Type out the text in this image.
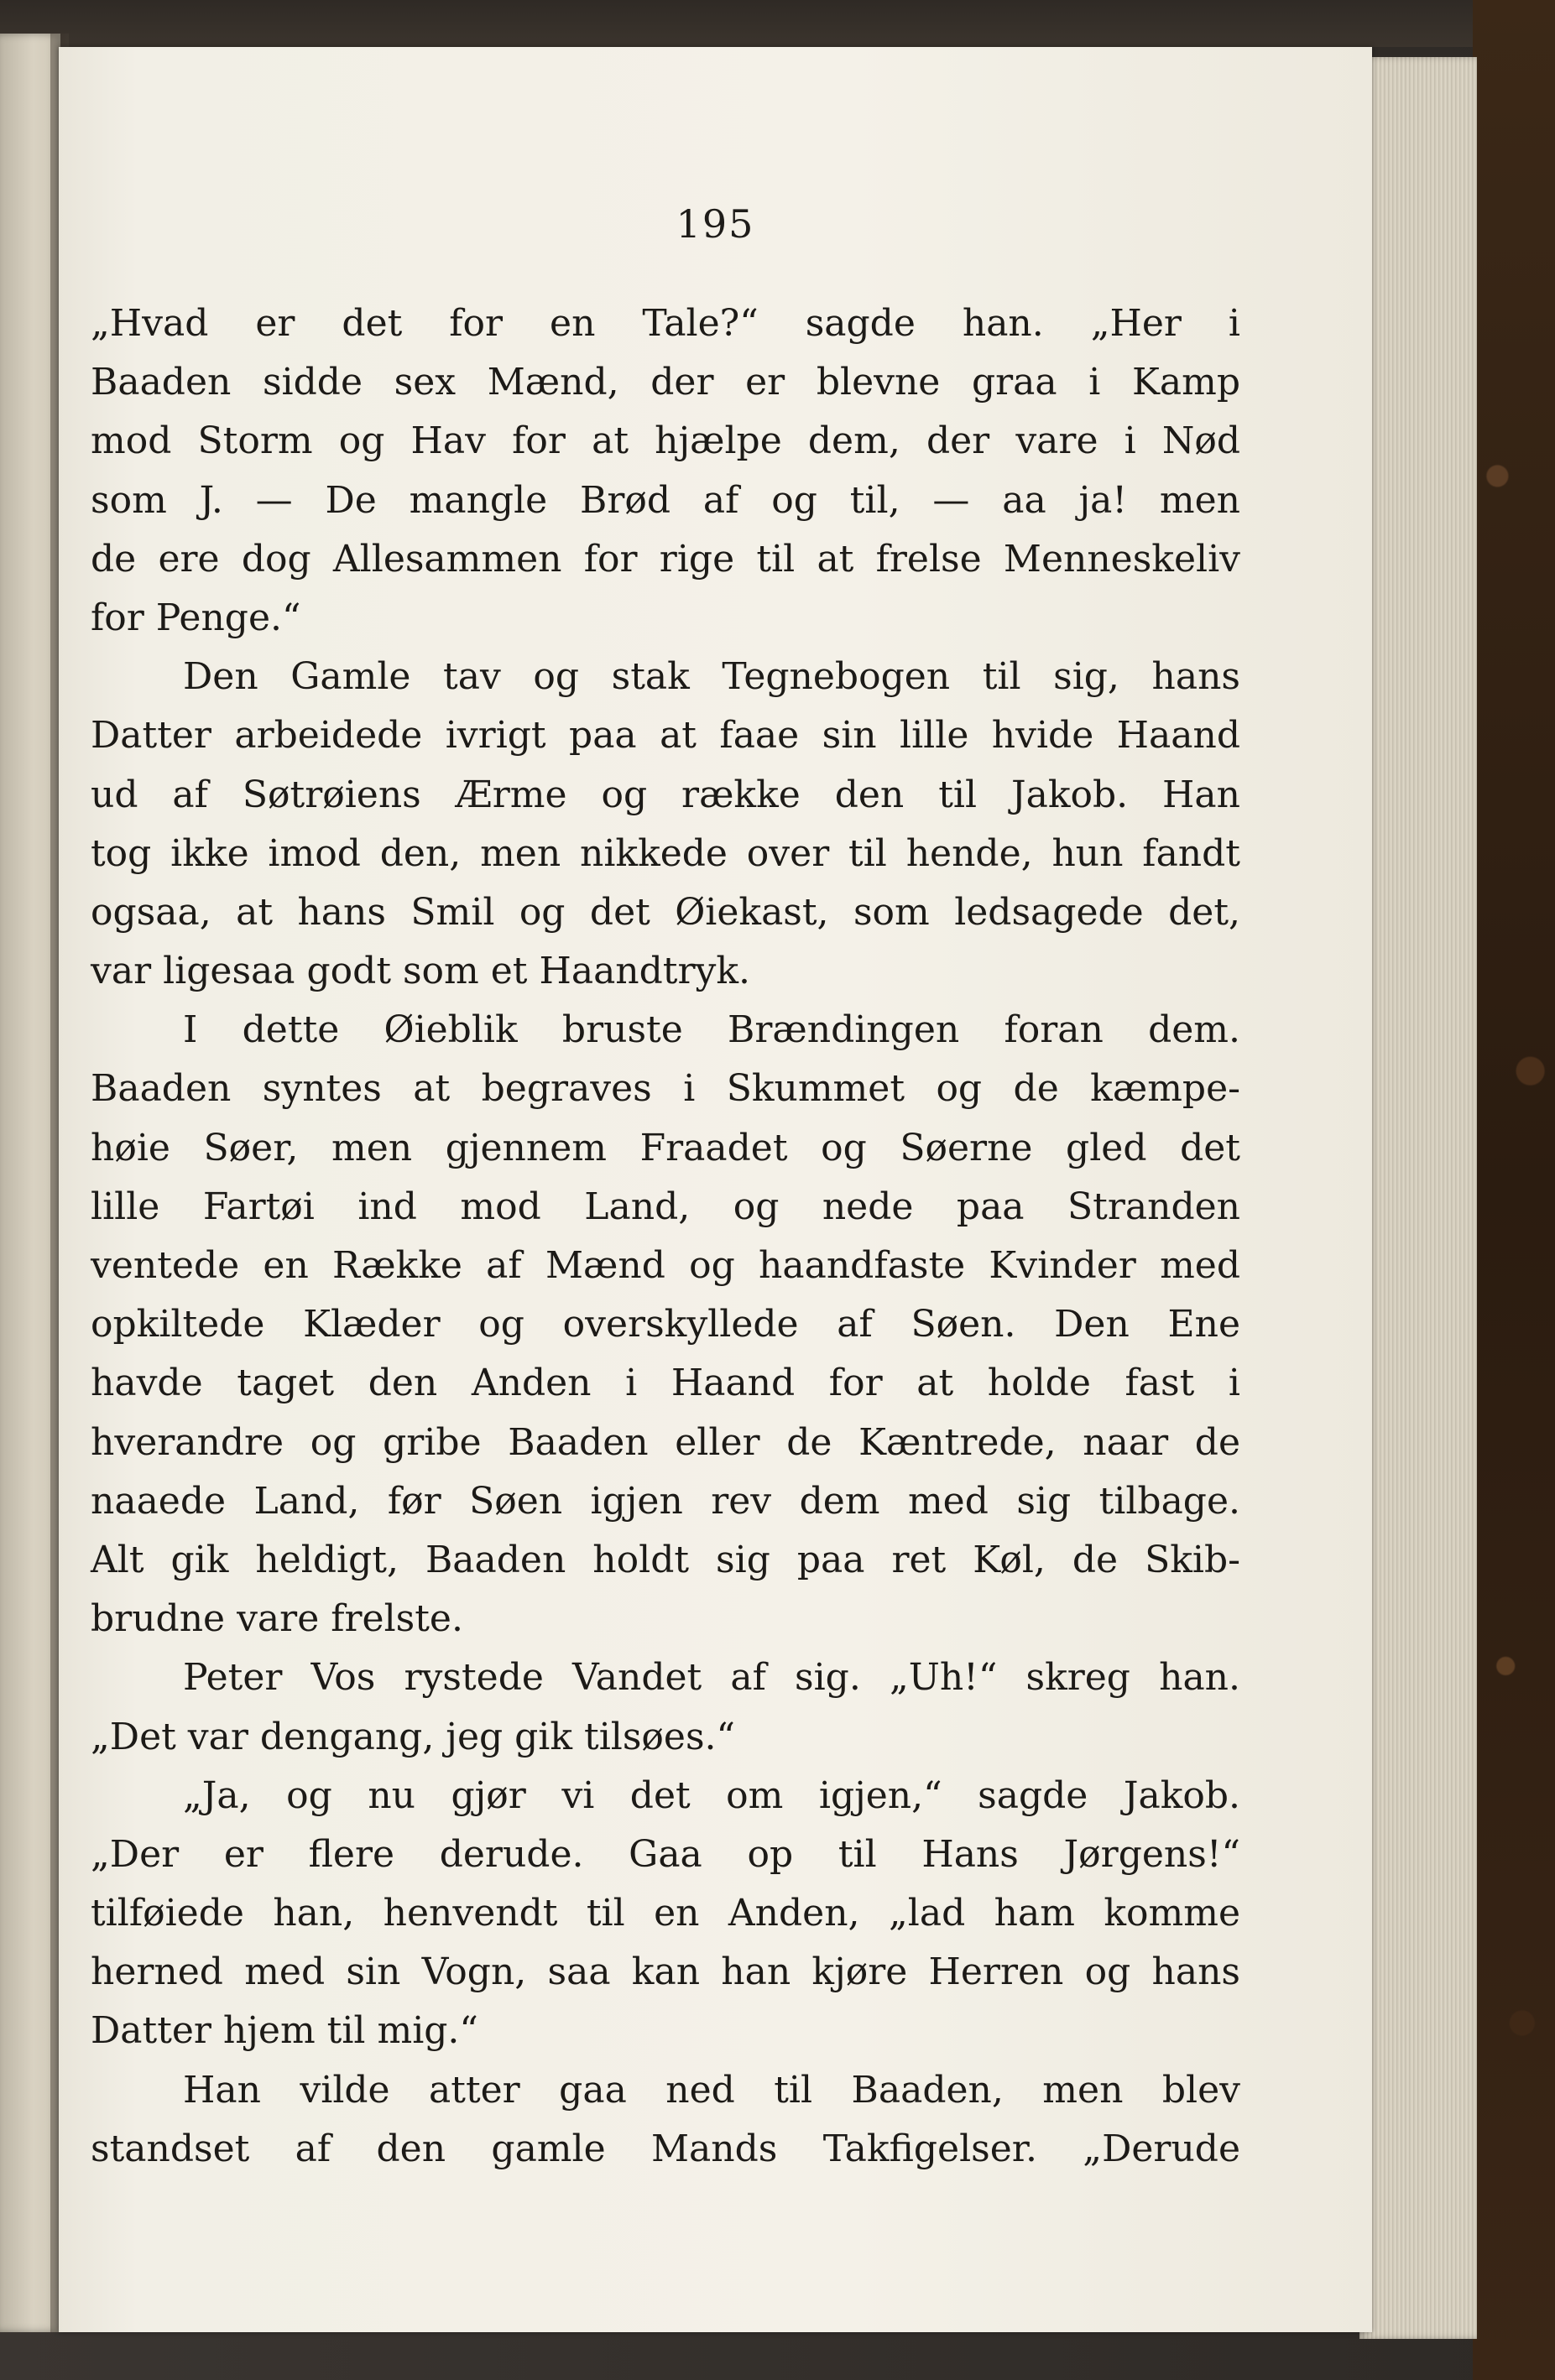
195
„Hvad er det for en Tale?“ sagde han. „Her i
Baaden sidde sex Mænd, der er blevne graa i Kamp
mod Storm og Hav for at hjælpe dem, der vare i Nød
som J. — De mangle Brød af og til, — aa ja! men
de ere dog Allesammen for rige til at frelse Menneskeliv
for Penge.“
Den Gamle tav og stak Tegnebogen til sig, hans
Datter arbeidede ivrigt paa at faae sin lille hvide Haand
ud af Søtrøiens Ærme og række den til Jakob. Han
tog ikke imod den, men nikkede over til hende, hun fandt
ogsaa, at hans Smil og det Øiekast, som ledsagede det,
var ligesaa godt som et Haandtryk.
I dette Øieblik bruste Brændingen foran dem.
Baaden syntes at begraves i Skummet og de kæmpe-
høie Søer, men gjennem Fraadet og Søerne gled det
lille Fartøi ind mod Land, og nede paa Stranden
ventede en Række af Mænd og haandfaste Kvinder med
opkiltede Klæder og overskyllede af Søen. Den Ene
havde taget den Anden i Haand for at holde fast i
hverandre og gribe Baaden eller de Kæntrede, naar de
naaede Land, før Søen igjen rev dem med sig tilbage.
Alt gik heldigt, Baaden holdt sig paa ret Køl, de Skib-
brudne vare frelste.
Peter Vos rystede Vandet af sig. „Uh!“ skreg han.
„Det var dengang, jeg gik tilsøes.“
„Ja, og nu gjør vi det om igjen,“ sagde Jakob.
„Der er flere derude. Gaa op til Hans Jørgens!“
tilføiede han, henvendt til en Anden, „lad ham komme
herned med sin Vogn, saa kan han kjøre Herren og hans
Datter hjem til mig.“
Han vilde atter gaa ned til Baaden, men blev
standset af den gamle Mands Takfigelser. „Derude
